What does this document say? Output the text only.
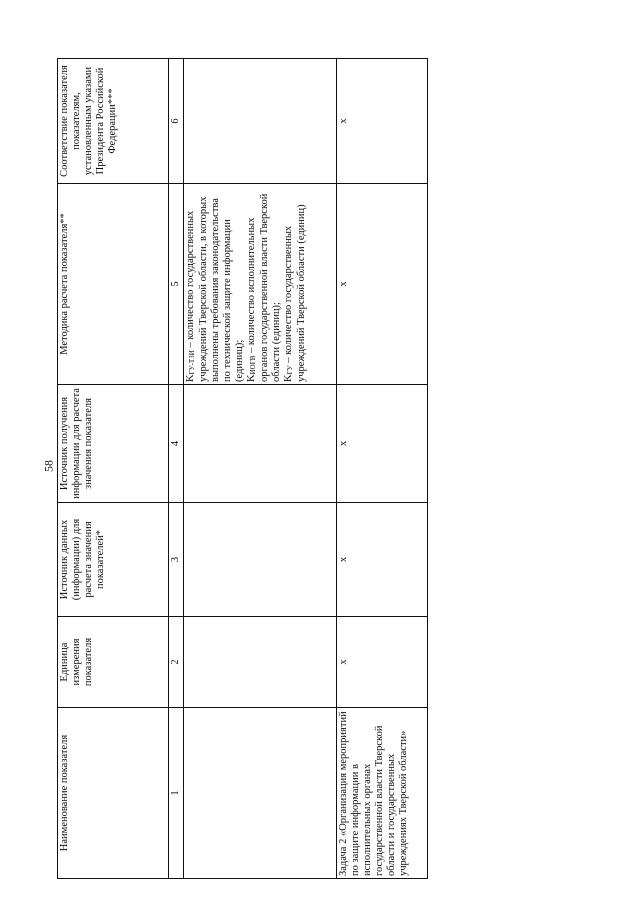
58
Наименование показателя	Единица измерения показателя	Источник данных (информации) для расчета значения показателей*	Источник получения информации для расчета значения показателя	Методика расчета показателя**	Соответствие показателя показателям, установленным указами Президента Российской Федерации***
1	2	3	4	5	6

				KГУ-ТЗИ – количество государственных учреждений Тверской области, в которых выполнены требования законодательства по технической защите информации (единиц); KИОГВ – количество исполнительных органов государственной власти Тверской области (единиц); KГУ – количество государственных учреждений Тверской области (единиц)	

Задача 2 «Организация мероприятий по защите информации в исполнительных органах государственной власти Тверской области и государственных учреждениях Тверской области»	х	х	х	х	х
